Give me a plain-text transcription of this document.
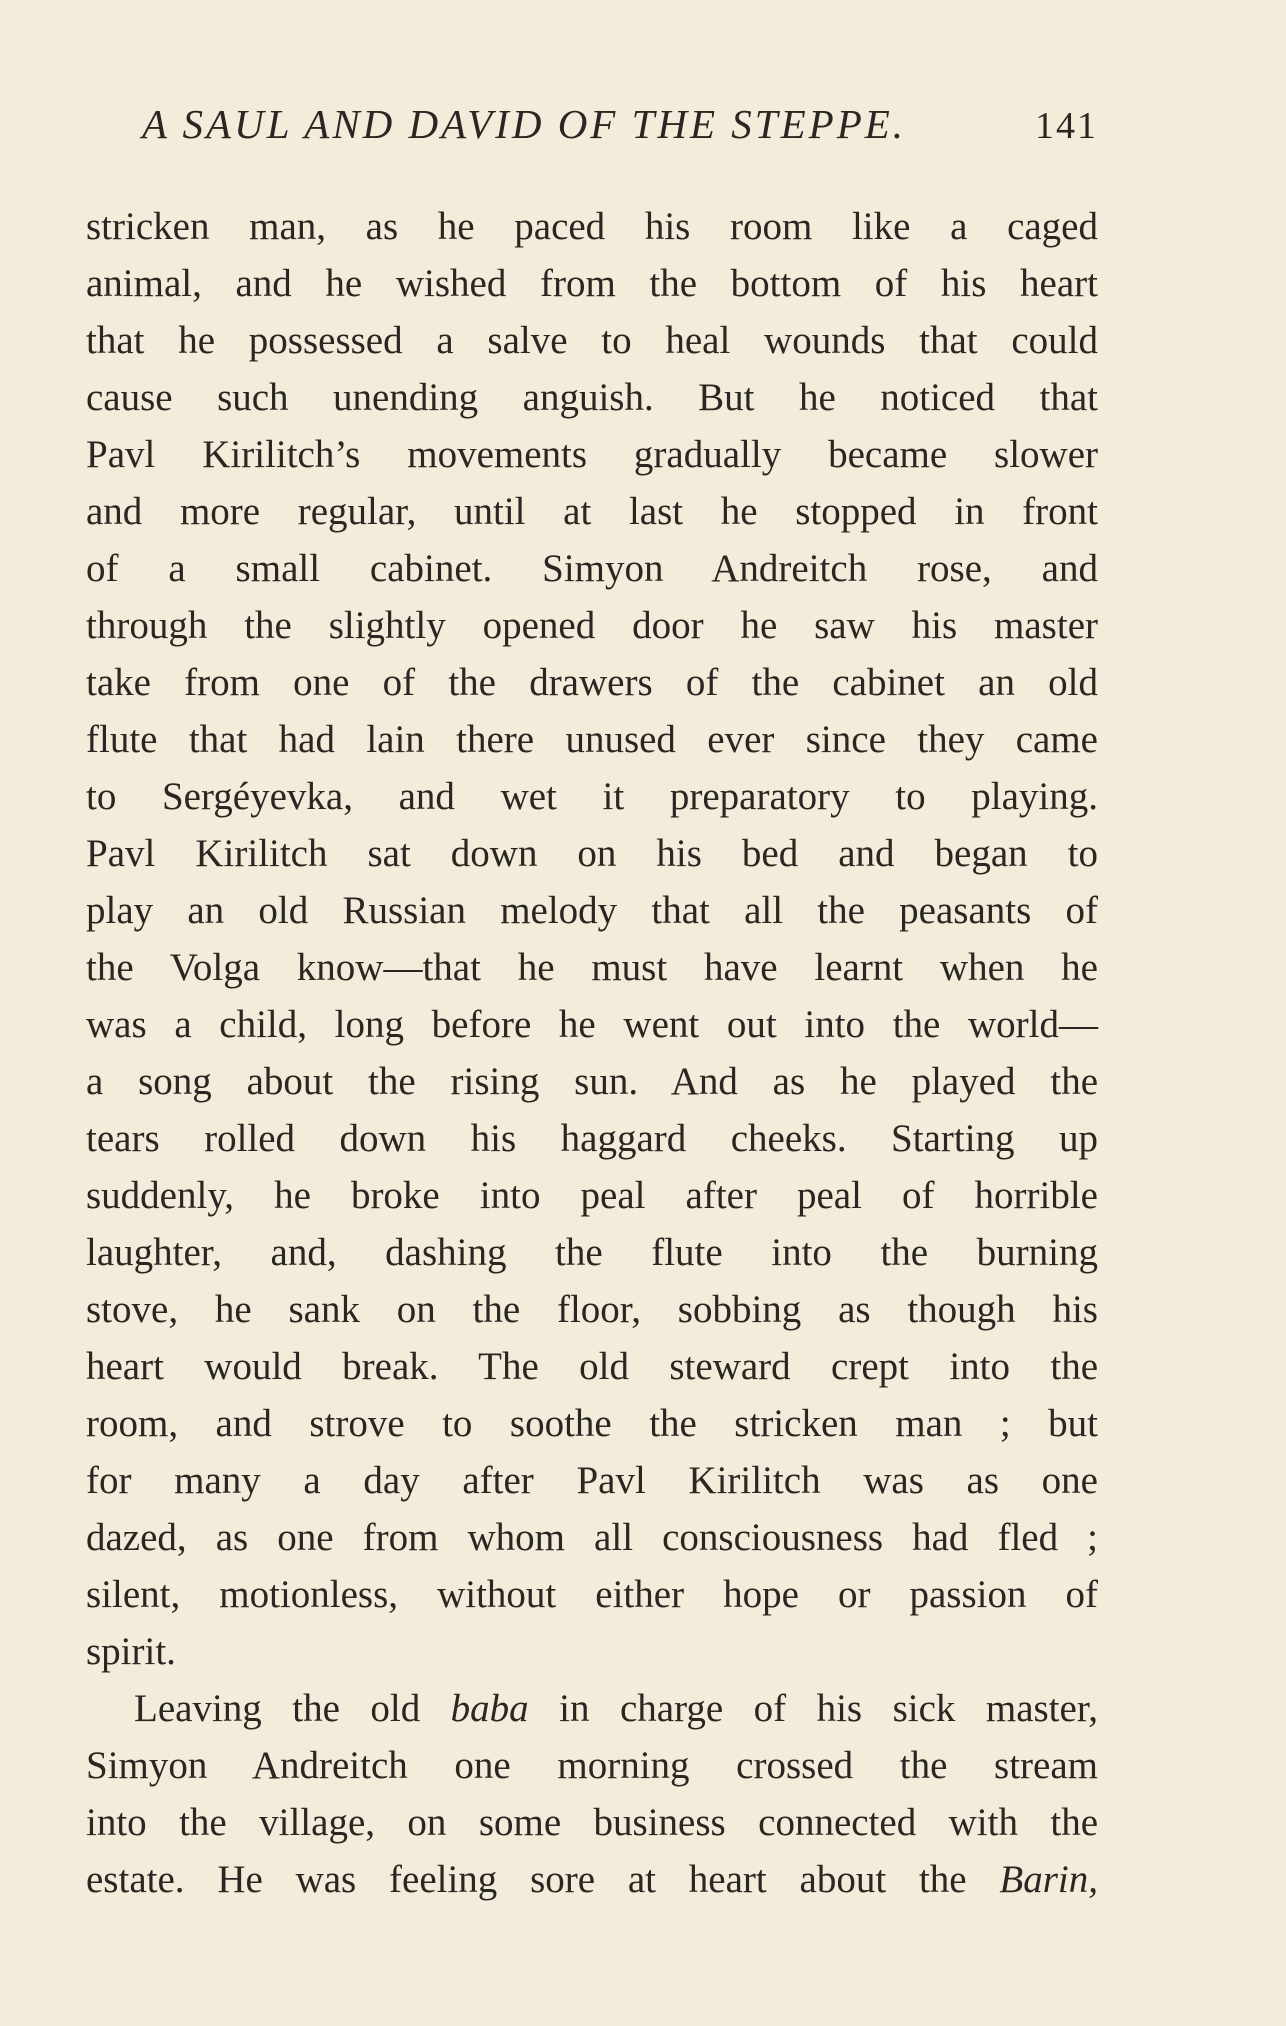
A SAUL AND DAVID OF THE STEPPE.	141
stricken man, as he paced his room like a caged
animal, and he wished from the bottom of his heart
that he possessed a salve to heal wounds that could
cause such unending anguish. But he noticed that
Pavl Kirilitch’s movements gradually became slower
and more regular, until at last he stopped in front
of a small cabinet. Simyon Andreitch rose, and
through the slightly opened door he saw his master
take from one of the drawers of the cabinet an old
flute that had lain there unused ever since they came
to Sergéyevka, and wet it preparatory to playing.
Pavl Kirilitch sat down on his bed and began to
play an old Russian melody that all the peasants of
the Volga know—that he must have learnt when he
was a child, long before he went out into the world—
a song about the rising sun. And as he played the
tears rolled down his haggard cheeks. Starting up
suddenly, he broke into peal after peal of horrible
laughter, and, dashing the flute into the burning
stove, he sank on the floor, sobbing as though his
heart would break. The old steward crept into the
room, and strove to soothe the stricken man ; but
for many a day after Pavl Kirilitch was as one
dazed, as one from whom all consciousness had fled ;
silent, motionless, without either hope or passion of
spirit.
Leaving the old baba in charge of his sick master,
Simyon Andreitch one morning crossed the stream
into the village, on some business connected with the
estate. He was feeling sore at heart about the Barin,
